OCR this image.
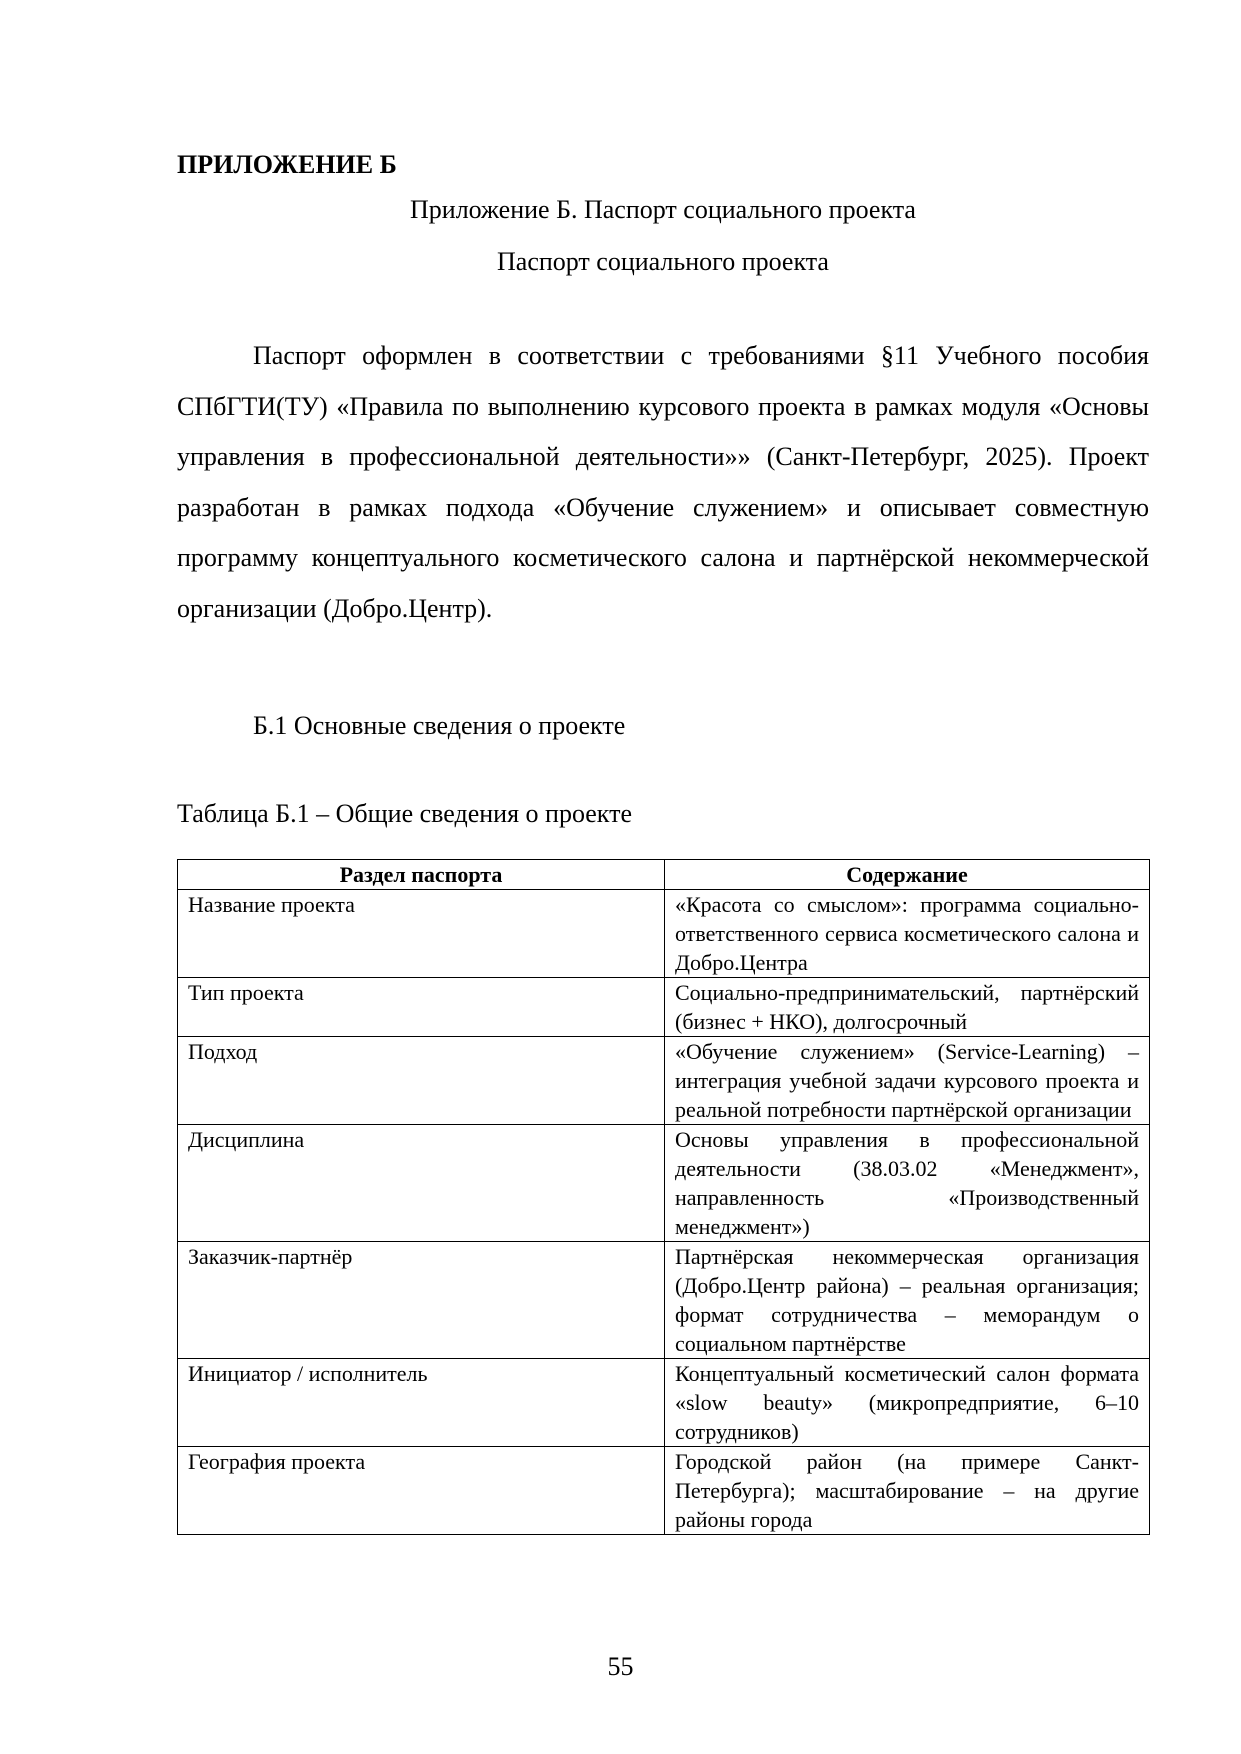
ПРИЛОЖЕНИЕ Б

Приложение Б. Паспорт социального проекта

Паспорт социального проекта

Паспорт оформлен в соответствии с требованиями §11 Учебного пособия СПбГТИ(ТУ) «Правила по выполнению курсового проекта в рамках модуля «Основы управления в профессиональной деятельности»» (Санкт-Петербург, 2025). Проект разработан в рамках подхода «Обучение служением» и описывает совместную программу концептуального косметического салона и партнёрской некоммерческой организации (Добро.Центр).

Б.1 Основные сведения о проекте

Таблица Б.1 – Общие сведения о проекте

Раздел паспорта	Содержание
Название проекта	«Красота со смыслом»: программа социально-ответственного сервиса косметического салона и Добро.Центра
Тип проекта	Социально-предпринимательский, партнёрский (бизнес + НКО), долгосрочный
Подход	«Обучение служением» (Service-Learning) – интеграция учебной задачи курсового проекта и реальной потребности партнёрской организации
Дисциплина	Основы управления в профессиональной деятельности (38.03.02 «Менеджмент», направленность «Производственный менеджмент»)
Заказчик-партнёр	Партнёрская некоммерческая организация (Добро.Центр района) – реальная организация; формат сотрудничества – меморандум о социальном партнёрстве
Инициатор / исполнитель	Концептуальный косметический салон формата «slow beauty» (микропредприятие, 6–10 сотрудников)
География проекта	Городской район (на примере Санкт-Петербурга); масштабирование – на другие районы города

55
